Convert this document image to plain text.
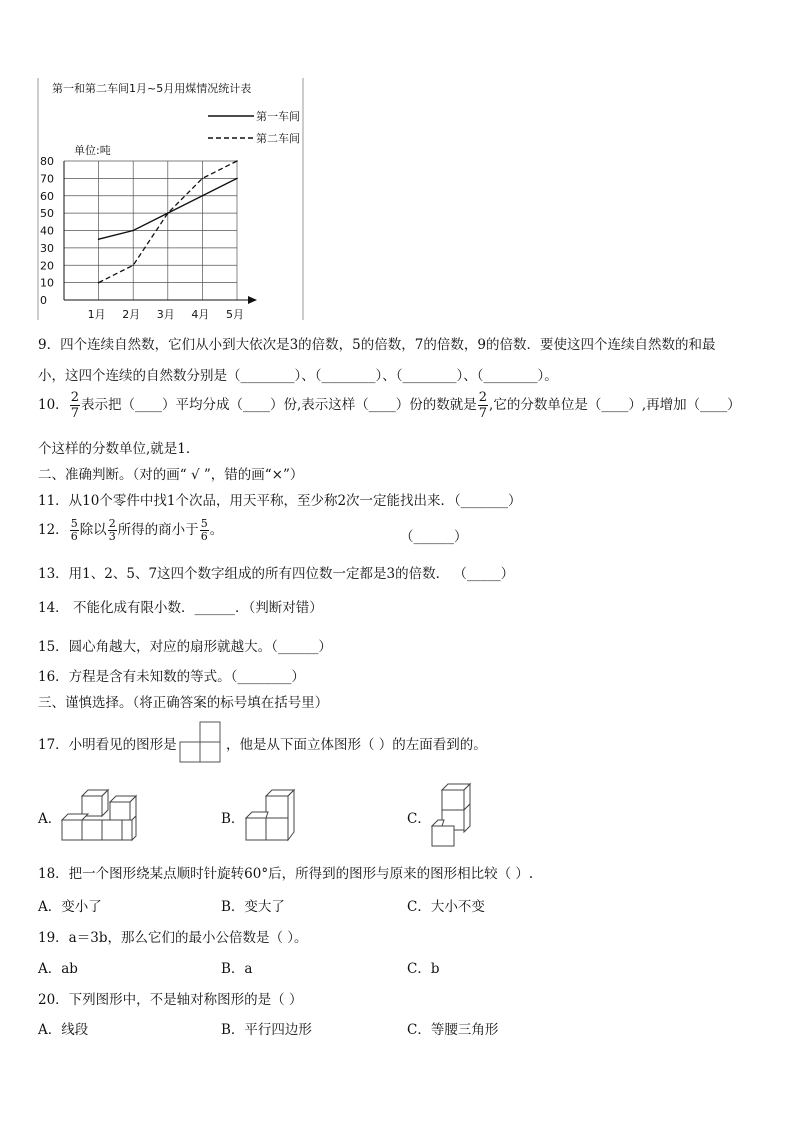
第一和第二车间1月~5月用煤情况统计表
第一车间
第二车间
单位:吨
0
10
20
30
40
50
60
70
80
1月 2月 3月 4月 5月
9．四个连续自然数，它们从小到大依次是3的倍数，5的倍数，7的倍数，9的倍数．要使这四个连续自然数的和最
小，这四个连续的自然数分别是（________）、（________）、（________）、（________）。
10． $\frac{2}{7}$ 表示把（____）平均分成（____）份,表示这样（____）份的数就是 $\frac{2}{7}$ ,它的分数单位是（____）,再增加（____）
个这样的分数单位,就是1．
二、准确判断。（对的画“ √ ”，错的画“×”）
11．从10个零件中找1个次品，用天平称，至少称2次一定能找出来．（_______）
12． $\frac{5}{6}$ 除以 $\frac{2}{3}$ 所得的商小于 $\frac{5}{6}$ 。	（______）
13．用1、2、5、7这四个数字组成的所有四位数一定都是3的倍数． （_____）
14． 不能化成有限小数．______．（判断对错）
15．圆心角越大，对应的扇形就越大。（______）
16．方程是含有未知数的等式。（________）
三、谨慎选择。（将正确答案的标号填在括号里）
17．小明看见的图形是	，他是从下面立体图形（ ）的左面看到的。
A．	B．	C．
18．把一个图形绕某点顺时针旋转60°后，所得到的图形与原来的图形相比较（ ）.
A．变小了	B．变大了	C．大小不变
19．a＝3b，那么它们的最小公倍数是（ ）。
A．ab	B．a	C．b
20．下列图形中，不是轴对称图形的是（ ）
A．线段	B．平行四边形	C．等腰三角形
